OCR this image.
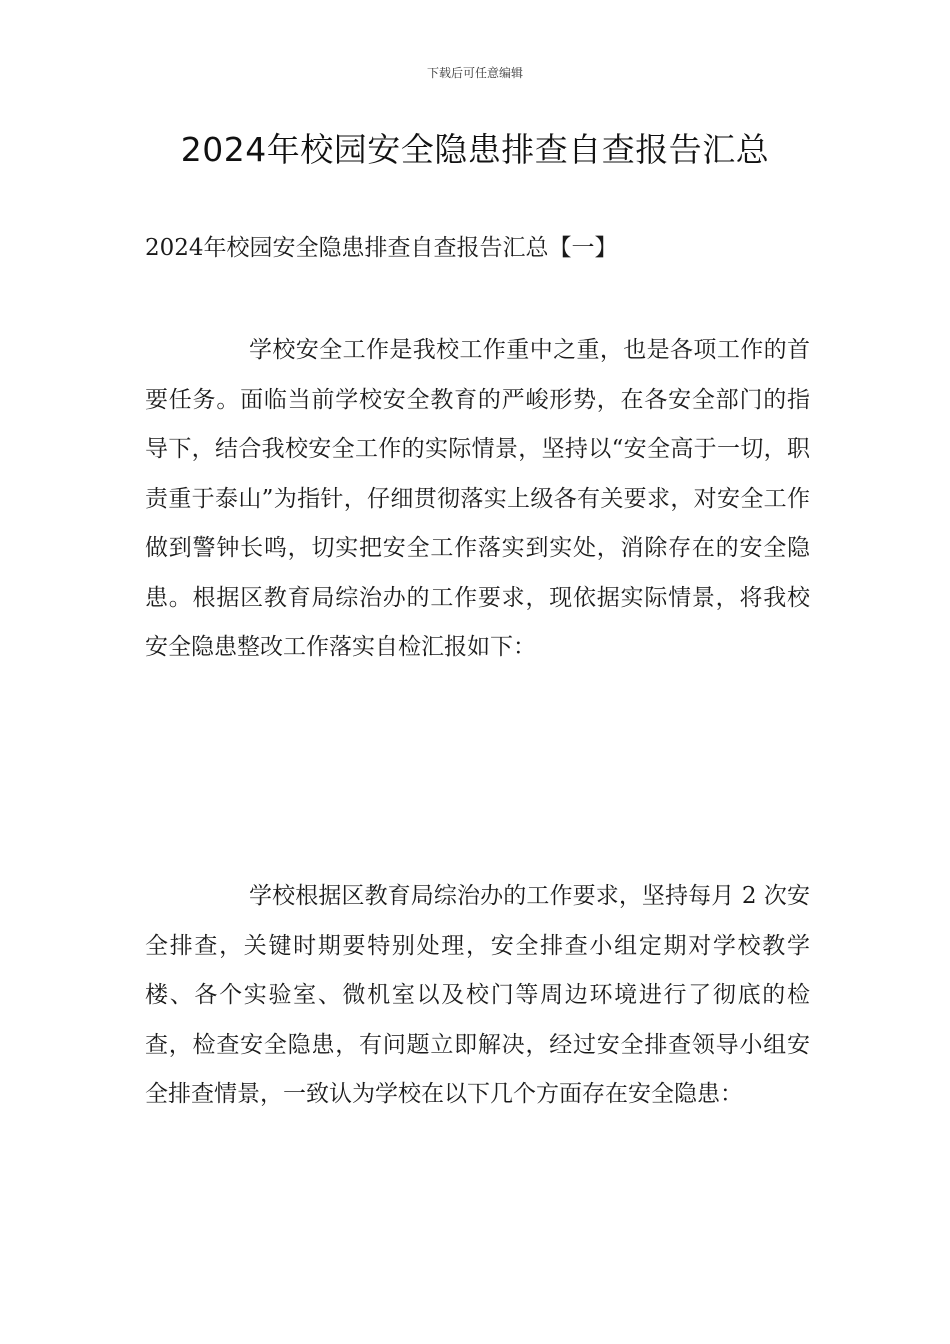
下载后可任意编辑
2024年校园安全隐患排查自查报告汇总
2024年校园安全隐患排查自查报告汇总【一】

学校安全工作是我校工作重中之重，也是各项工作的首要任务。面临当前学校安全教育的严峻形势，在各安全部门的指导下，结合我校安全工作的实际情景，坚持以“安全高于一切，职责重于泰山”为指针，仔细贯彻落实上级各有关要求，对安全工作做到警钟长鸣，切实把安全工作落实到实处，消除存在的安全隐患。根据区教育局综治办的工作要求，现依据实际情景，将我校安全隐患整改工作落实自检汇报如下：

学校根据区教育局综治办的工作要求，坚持每月 2 次安全排查，关键时期要特别处理，安全排查小组定期对学校教学楼、各个实验室、微机室以及校门等周边环境进行了彻底的检查，检查安全隐患，有问题立即解决，经过安全排查领导小组安全排查情景，一致认为学校在以下几个方面存在安全隐患：
